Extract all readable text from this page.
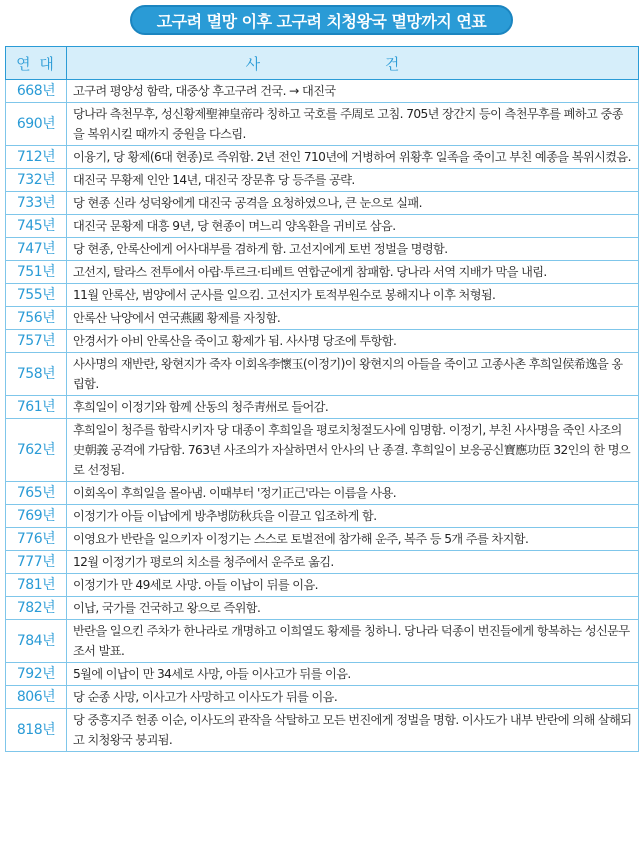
고구려 멸망 이후 고구려 치청왕국 멸망까지 연표
연 대	사 건
668년	고구려 평양성 함락, 대중상 후고구려 건국. → 대진국
690년	당나라 측천무후, 성신황제聖神皇帝라 칭하고 국호를 주周로 고침. 705년 장간지 등이 측천무후를 폐하고 중종을 복위시킬 때까지 중원을 다스림.
712년	이융기, 당 황제(6대 현종)로 즉위함. 2년 전인 710년에 거병하여 위황후 일족을 죽이고 부친 예종을 복위시켰음.
732년	대진국 무황제 인안 14년, 대진국 장문휴 당 등주를 공략.
733년	당 현종 신라 성덕왕에게 대진국 공격을 요청하였으나, 큰 눈으로 실패.
745년	대진국 문황제 대흥 9년, 당 현종이 며느리 양옥환을 귀비로 삼음.
747년	당 현종, 안록산에게 어사대부를 겸하게 함. 고선지에게 토번 정벌을 명령함.
751년	고선지, 탈라스 전투에서 아랍·투르크·티베트 연합군에게 참패함. 당나라 서역 지배가 막을 내림.
755년	11월 안록산, 범양에서 군사를 일으킴. 고선지가 토적부원수로 봉해지나 이후 처형됨.
756년	안록산 낙양에서 연국燕國 황제를 자칭함.
757년	안경서가 아비 안록산을 죽이고 황제가 됨. 사사명 당조에 투항함.
758년	사사명의 재반란, 왕현지가 죽자 이회옥李懷玉(이정기)이 왕현지의 아들을 죽이고 고종사촌 후희일侯希逸을 옹립함.
761년	후희일이 이정기와 함께 산동의 청주靑州로 들어감.
762년	후희일이 청주를 함락시키자 당 대종이 후희일을 평로치청절도사에 임명함. 이정기, 부친 사사명을 죽인 사조의史朝義 공격에 가담함. 763년 사조의가 자살하면서 안사의 난 종결. 후희일이 보응공신寶應功臣 32인의 한 명으로 선정됨.
765년	이회옥이 후희일을 몰아냄. 이때부터 '정기正己'라는 이름을 사용.
769년	이정기가 아들 이납에게 방추병防秋兵을 이끌고 입조하게 함.
776년	이영요가 반란을 일으키자 이정기는 스스로 토벌전에 참가해 운주, 복주 등 5개 주를 차지함.
777년	12월 이정기가 평로의 치소를 청주에서 운주로 옮김.
781년	이정기가 만 49세로 사망. 아들 이납이 뒤를 이음.
782년	이납, 국가를 건국하고 왕으로 즉위함.
784년	반란을 일으킨 주차가 한나라로 개명하고 이희열도 황제를 칭하니. 당나라 덕종이 번진들에게 항복하는 성신문무 조서 발표.
792년	5월에 이납이 만 34세로 사망, 아들 이사고가 뒤를 이음.
806년	당 순종 사망, 이사고가 사망하고 이사도가 뒤를 이음.
818년	당 중흥지주 헌종 이순, 이사도의 관작을 삭탈하고 모든 번진에게 정벌을 명함. 이사도가 내부 반란에 의해 살해되고 치청왕국 붕괴됨.
